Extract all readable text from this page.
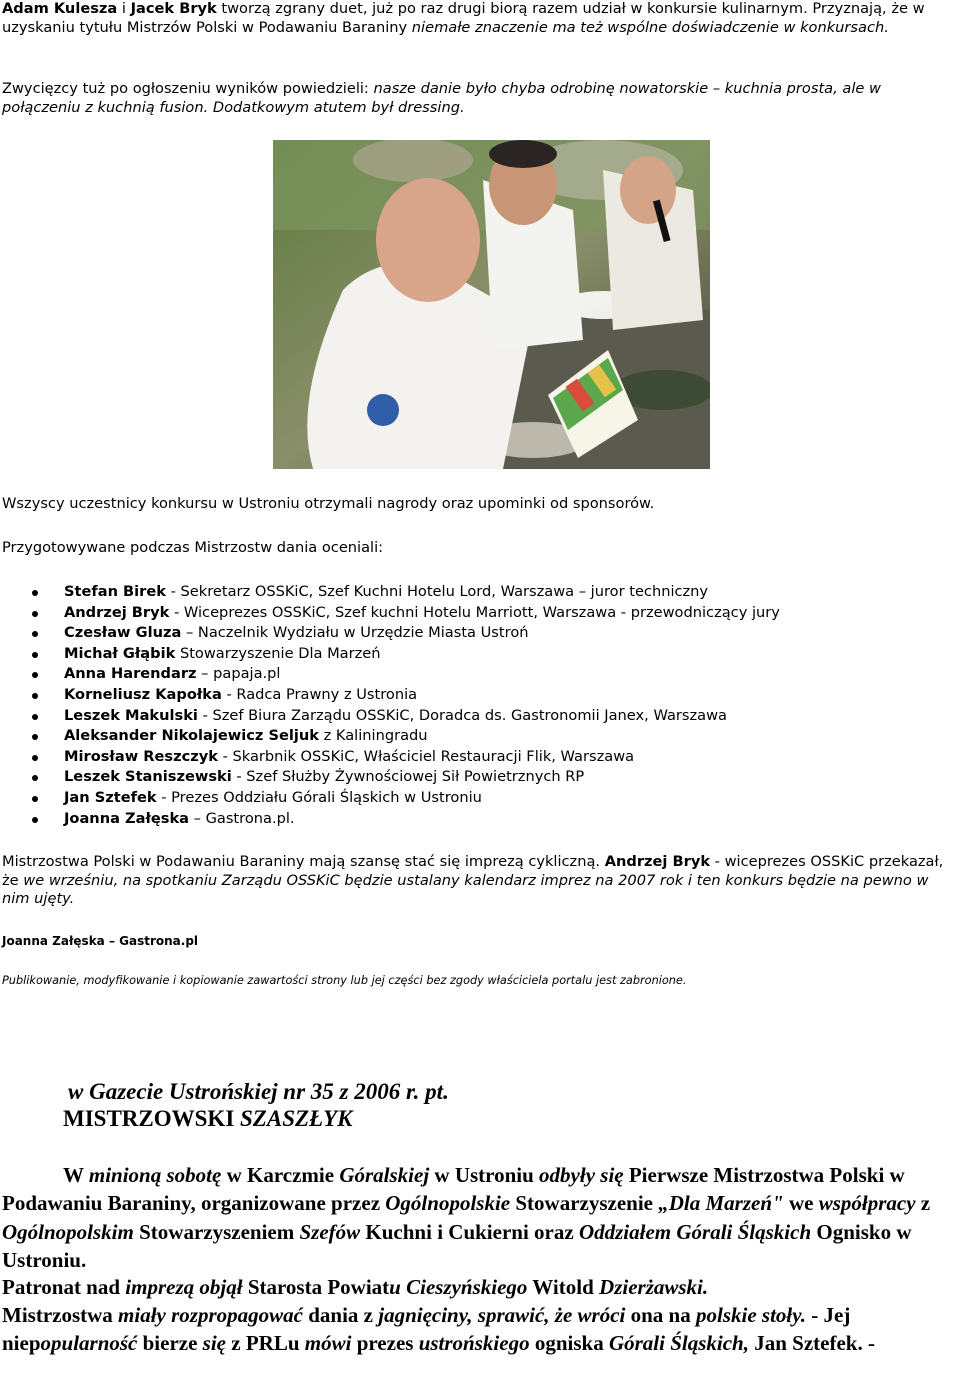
Adam Kulesza i Jacek Bryk tworzą zgrany duet, już po raz drugi biorą razem udział w konkursie kulinarnym. Przyznają, że w uzyskaniu tytułu Mistrzów Polski w Podawaniu Baraniny niemałe znaczenie ma też wspólne doświadczenie w konkursach.

Zwycięzcy tuż po ogłoszeniu wyników powiedzieli: nasze danie było chyba odrobinę nowatorskie – kuchnia prosta, ale w połączeniu z kuchnią fusion. Dodatkowym atutem był dressing.

Wszyscy uczestnicy konkursu w Ustroniu otrzymali nagrody oraz upominki od sponsorów.

Przygotowywane podczas Mistrzostw dania oceniali:

Stefan Birek - Sekretarz OSSKiC, Szef Kuchni Hotelu Lord, Warszawa – juror techniczny
Andrzej Bryk - Wiceprezes OSSKiC, Szef kuchni Hotelu Marriott, Warszawa - przewodniczący jury
Czesław Gluza – Naczelnik Wydziału w Urzędzie Miasta Ustroń
Michał Głąbik Stowarzyszenie Dla Marzeń
Anna Harendarz – papaja.pl
Korneliusz Kapołka - Radca Prawny z Ustronia
Leszek Makulski - Szef Biura Zarządu OSSKiC, Doradca ds. Gastronomii Janex, Warszawa
Aleksander Nikolajewicz Seljuk z Kaliningradu
Mirosław Reszczyk - Skarbnik OSSKiC, Właściciel Restauracji Flik, Warszawa
Leszek Staniszewski - Szef Służby Żywnościowej Sił Powietrznych RP
Jan Sztefek - Prezes Oddziału Górali Śląskich w Ustroniu
Joanna Załęska – Gastrona.pl.

Mistrzostwa Polski w Podawaniu Baraniny mają szansę stać się imprezą cykliczną. Andrzej Bryk - wiceprezes OSSKiC przekazał, że we wrześniu, na spotkaniu Zarządu OSSKiC będzie ustalany kalendarz imprez na 2007 rok i ten konkurs będzie na pewno w nim ujęty.

Joanna Załęska – Gastrona.pl
Publikowanie, modyfikowanie i kopiowanie zawartości strony lub jej części bez zgody właściciela portalu jest zabronione.
w Gazecie Ustrońskiej nr 35 z 2006 r. pt.
MISTRZOWSKI SZASZŁYK
W minioną sobotę w Karczmie Góralskiej w Ustroniu odbyły się Pierwsze Mistrzostwa Polski w Podawaniu Baraniny, organizowane przez Ogólnopolskie Stowarzyszenie „Dla Marzeń" we współpracy z Ogólnopolskim Stowarzyszeniem Szefów Kuchni i Cukierni oraz Oddziałem Górali Śląskich Ognisko w Ustroniu.
Patronat nad imprezą objął Starosta Powiatu Cieszyńskiego Witold Dzierżawski.
Mistrzostwa miały rozpropagować dania z jagnięciny, sprawić, że wróci ona na polskie stoły. - Jej niepopularność bierze się z PRLu mówi prezes ustrońskiego ogniska Górali Śląskich, Jan Sztefek. -
